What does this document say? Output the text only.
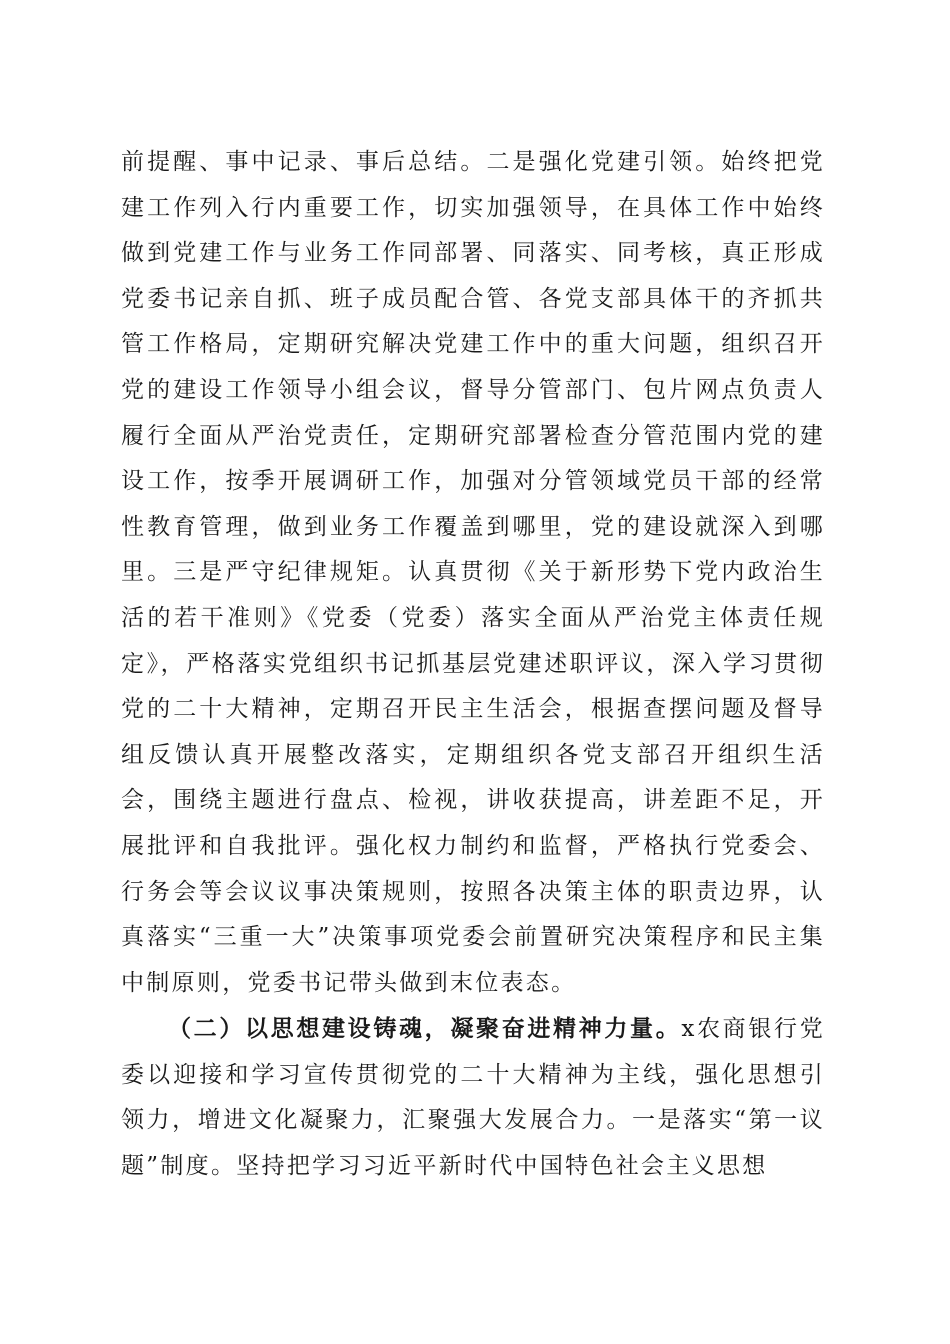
前提醒、事中记录、事后总结。二是强化党建引领。始终把党建工作列入行内重要工作，切实加强领导，在具体工作中始终做到党建工作与业务工作同部署、同落实、同考核，真正形成党委书记亲自抓、班子成员配合管、各党支部具体干的齐抓共管工作格局，定期研究解决党建工作中的重大问题，组织召开党的建设工作领导小组会议，督导分管部门、包片网点负责人履行全面从严治党责任，定期研究部署检查分管范围内党的建设工作，按季开展调研工作，加强对分管领域党员干部的经常性教育管理，做到业务工作覆盖到哪里，党的建设就深入到哪里。三是严守纪律规矩。认真贯彻《关于新形势下党内政治生活的若干准则》《党委（党委）落实全面从严治党主体责任规定》，严格落实党组织书记抓基层党建述职评议，深入学习贯彻党的二十大精神，定期召开民主生活会，根据查摆问题及督导组反馈认真开展整改落实，定期组织各党支部召开组织生活会，围绕主题进行盘点、检视，讲收获提高，讲差距不足，开展批评和自我批评。强化权力制约和监督，严格执行党委会、行务会等会议议事决策规则，按照各决策主体的职责边界，认真落实“三重一大”决策事项党委会前置研究决策程序和民主集中制原则，党委书记带头做到末位表态。

（二）以思想建设铸魂，凝聚奋进精神力量。x农商银行党委以迎接和学习宣传贯彻党的二十大精神为主线，强化思想引领力，增进文化凝聚力，汇聚强大发展合力。一是落实“第一议题”制度。坚持把学习习近平新时代中国特色社会主义思想
